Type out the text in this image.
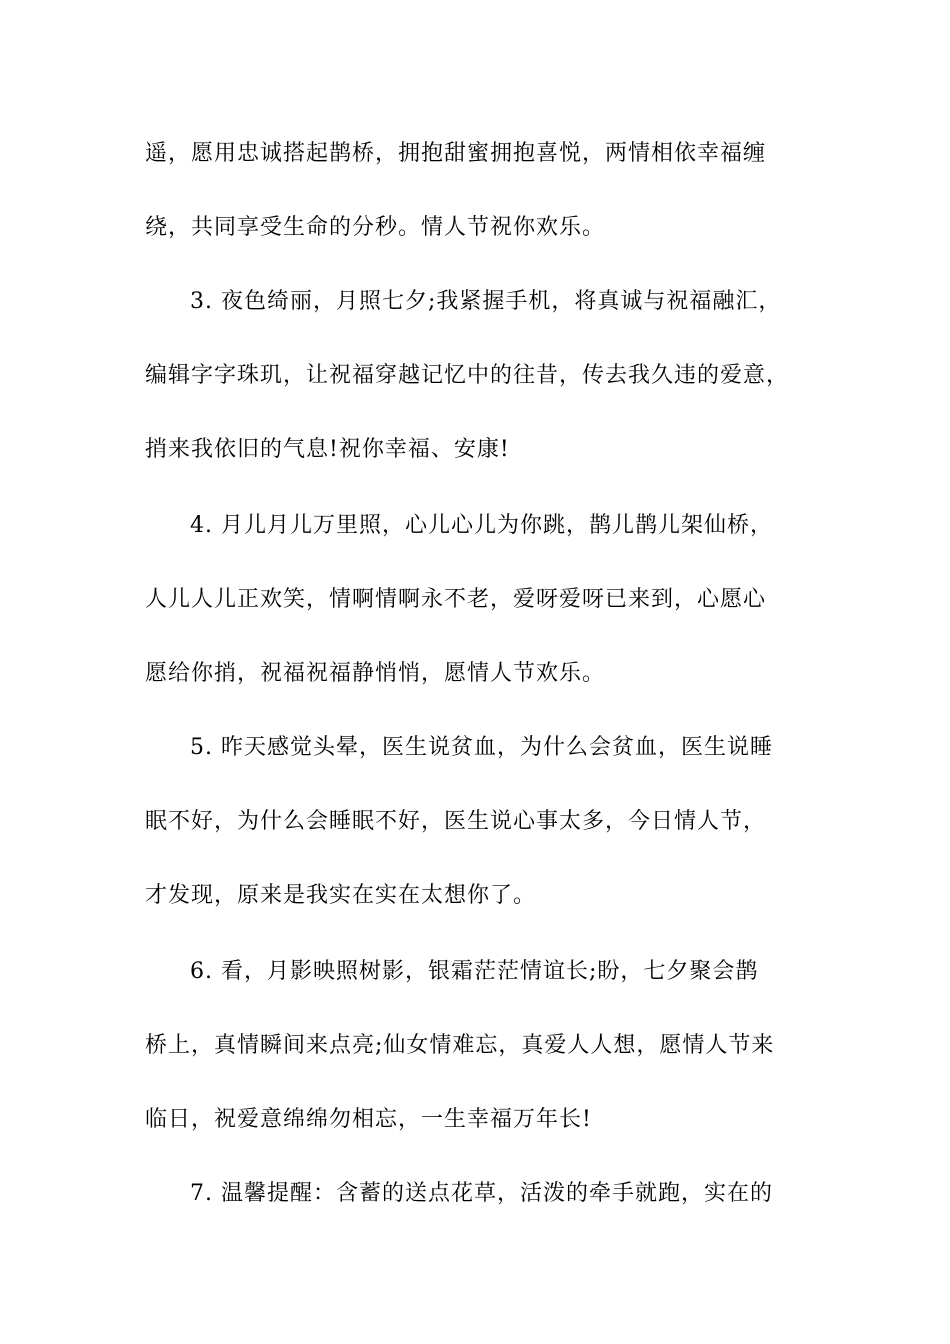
遥，愿用忠诚搭起鹊桥，拥抱甜蜜拥抱喜悦，两情相依幸福缠
绕，共同享受生命的分秒。情人节祝你欢乐。
3. 夜色绮丽，月照七夕;我紧握手机，将真诚与祝福融汇，
编辑字字珠玑，让祝福穿越记忆中的往昔，传去我久违的爱意，
捎来我依旧的气息!祝你幸福、安康!
4. 月儿月儿万里照，心儿心儿为你跳，鹊儿鹊儿架仙桥，
人儿人儿正欢笑，情啊情啊永不老，爱呀爱呀已来到，心愿心
愿给你捎，祝福祝福静悄悄，愿情人节欢乐。
5. 昨天感觉头晕，医生说贫血，为什么会贫血，医生说睡
眠不好，为什么会睡眠不好，医生说心事太多，今日情人节，
才发现，原来是我实在实在太想你了。
6. 看，月影映照树影，银霜茫茫情谊长;盼，七夕聚会鹊
桥上，真情瞬间来点亮;仙女情难忘，真爱人人想，愿情人节来
临日，祝爱意绵绵勿相忘，一生幸福万年长!
7. 温馨提醒：含蓄的送点花草，活泼的牵手就跑，实在的
